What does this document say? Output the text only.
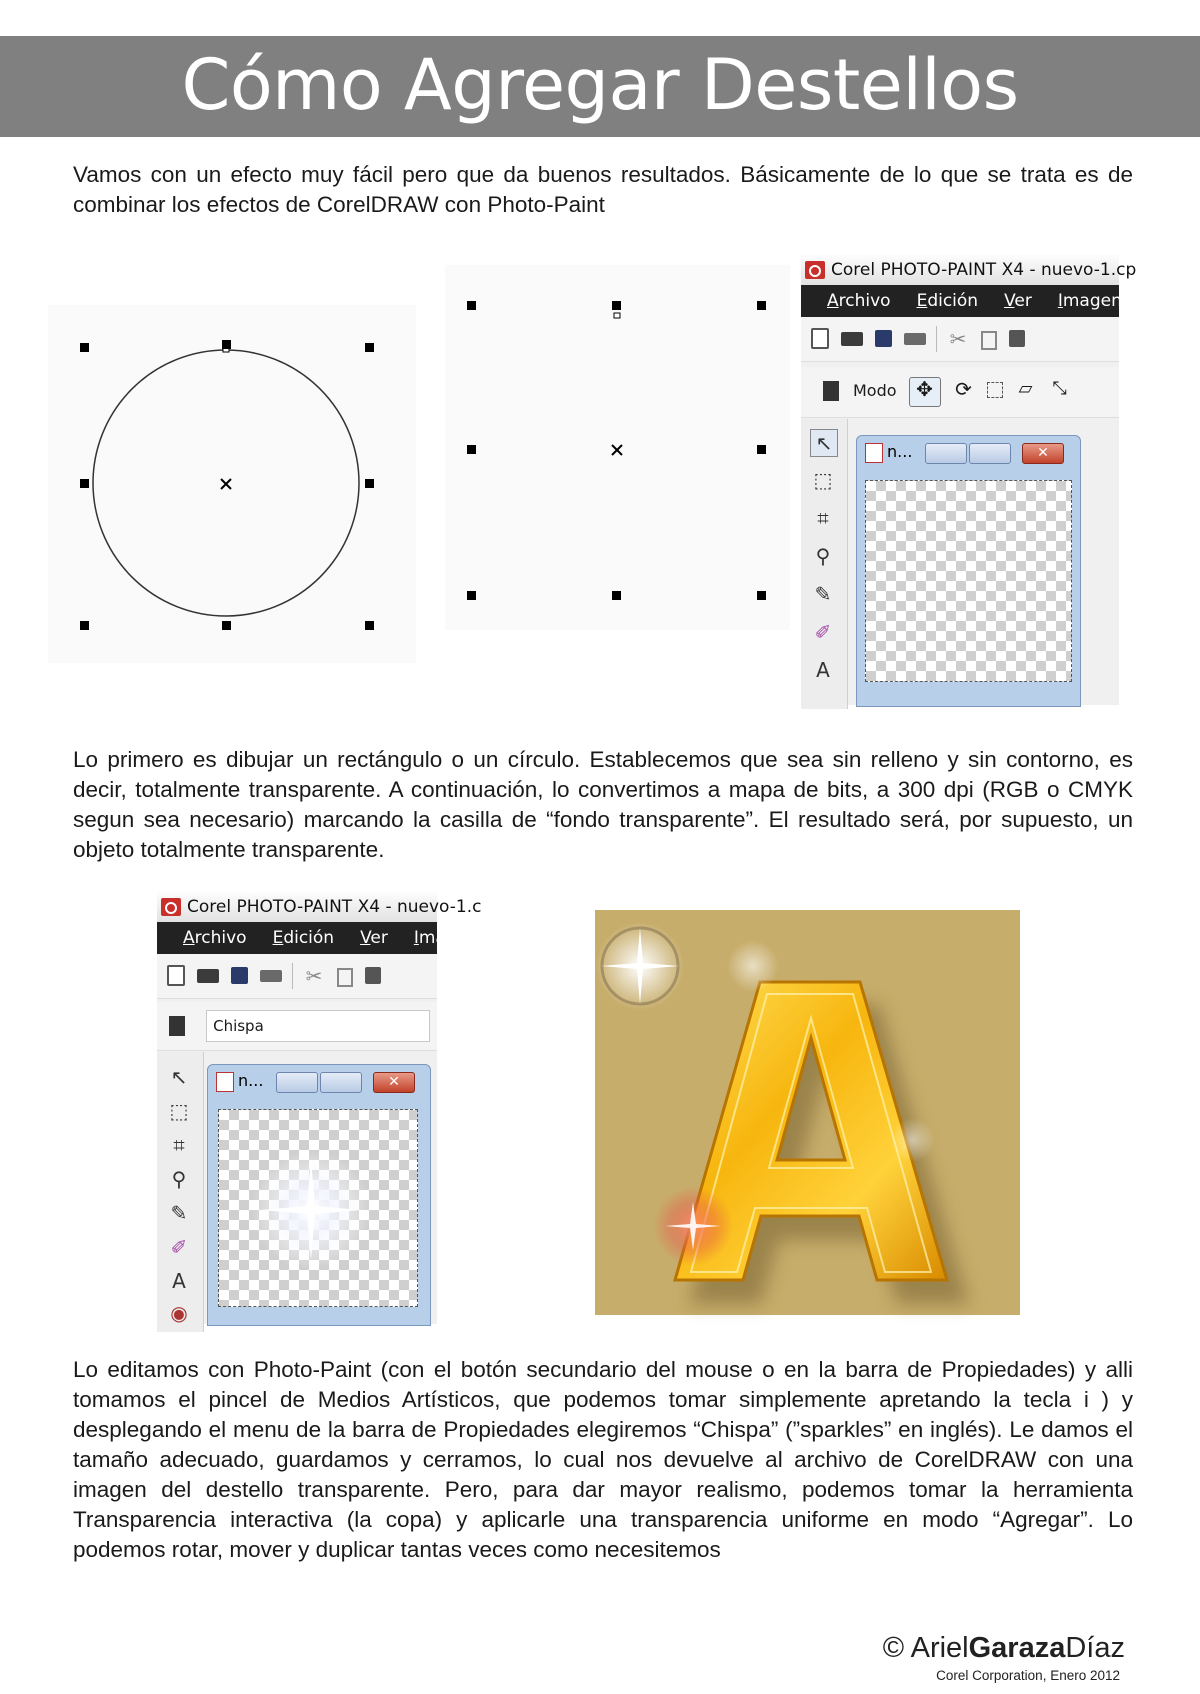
Cómo Agregar Destellos

Vamos con un efecto muy fácil pero que da buenos resultados. Básicamente de lo que se trata es de combinar los efectos de CorelDRAW con Photo-Paint

Corel PHOTO-PAINT X4 - nuevo-1.cp
Archivo Edición Ver Imagen
✂
Modo ✥ ⟳	▱ ⤡
↖
⬚
⌗
⚲
✎
✐
A
n...	✕

Lo primero es dibujar un rectángulo o un círculo. Establecemos que sea sin relleno y sin contorno, es decir, totalmente transparente. A continuación, lo convertimos a mapa de bits, a 300 dpi (RGB o CMYK segun sea necesario) marcando la casilla de “fondo transparente”. El resultado será, por supuesto, un objeto totalmente transparente.

Corel PHOTO-PAINT X4 - nuevo-1.c
Archivo Edición Ver Image
✂
Chispa
↖
⬚
⌗
⚲
✎
✐
A
◉
n...	✕

Lo editamos con Photo-Paint (con el botón secundario del mouse o en la barra de Propiedades) y alli tomamos el pincel de Medios Artísticos, que podemos tomar simplemente apretando la tecla i ) y desplegando el menu de la barra de Propiedades elegiremos “Chispa” (”sparkles” en inglés). Le damos el tamaño adecuado, guardamos y cerramos, lo cual nos devuelve al archivo de CorelDRAW con una imagen del destello transparente. Pero, para dar mayor realismo, podemos tomar la herramienta Transparencia interactiva (la copa) y aplicarle una transparencia uniforme en modo “Agregar”. Lo podemos rotar, mover y duplicar tantas veces como necesitemos

© ArielGarazaDíaz
Corel Corporation, Enero 2012
